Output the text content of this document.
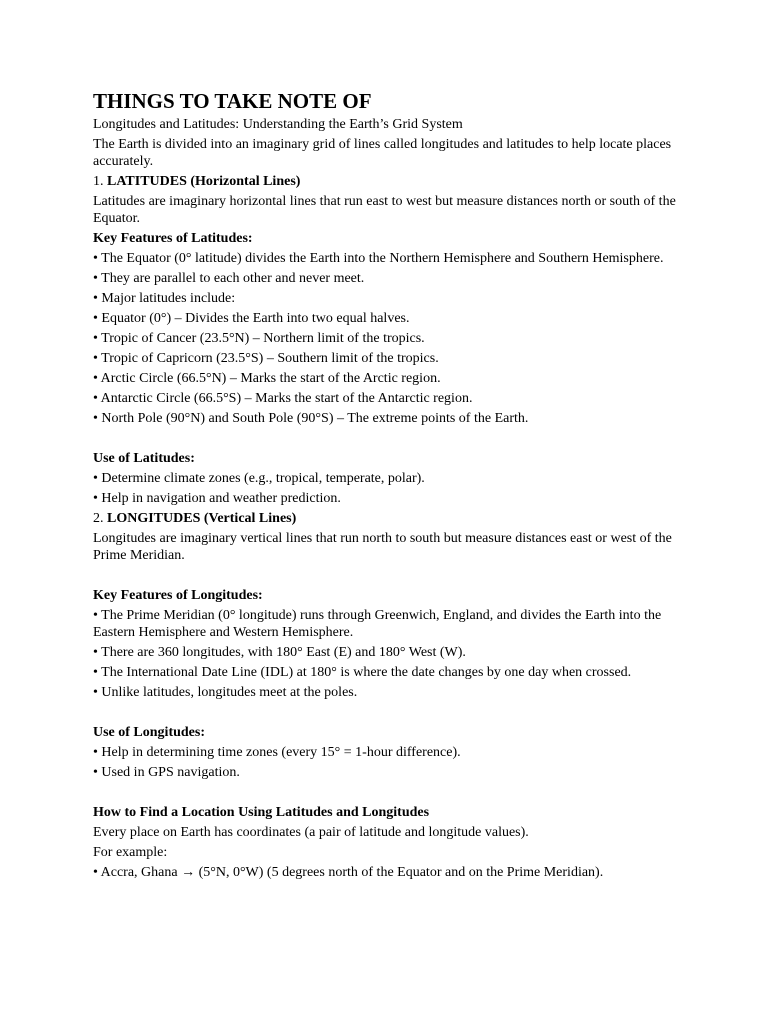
THINGS TO TAKE NOTE OF
Longitudes and Latitudes: Understanding the Earth’s Grid System
The Earth is divided into an imaginary grid of lines called longitudes and latitudes to help locate places accurately.
1. LATITUDES (Horizontal Lines)
Latitudes are imaginary horizontal lines that run east to west but measure distances north or south of the Equator.
Key Features of Latitudes:
• The Equator (0° latitude) divides the Earth into the Northern Hemisphere and Southern Hemisphere.
• They are parallel to each other and never meet.
• Major latitudes include:
• Equator (0°) – Divides the Earth into two equal halves.
• Tropic of Cancer (23.5°N) – Northern limit of the tropics.
• Tropic of Capricorn (23.5°S) – Southern limit of the tropics.
• Arctic Circle (66.5°N) – Marks the start of the Arctic region.
• Antarctic Circle (66.5°S) – Marks the start of the Antarctic region.
• North Pole (90°N) and South Pole (90°S) – The extreme points of the Earth.
Use of Latitudes:
• Determine climate zones (e.g., tropical, temperate, polar).
• Help in navigation and weather prediction.
2. LONGITUDES (Vertical Lines)
Longitudes are imaginary vertical lines that run north to south but measure distances east or west of the Prime Meridian.
Key Features of Longitudes:
• The Prime Meridian (0° longitude) runs through Greenwich, England, and divides the Earth into the Eastern Hemisphere and Western Hemisphere.
• There are 360 longitudes, with 180° East (E) and 180° West (W).
• The International Date Line (IDL) at 180° is where the date changes by one day when crossed.
• Unlike latitudes, longitudes meet at the poles.
Use of Longitudes:
• Help in determining time zones (every 15° = 1-hour difference).
• Used in GPS navigation.
How to Find a Location Using Latitudes and Longitudes
Every place on Earth has coordinates (a pair of latitude and longitude values).
For example:
• Accra, Ghana → (5°N, 0°W) (5 degrees north of the Equator and on the Prime Meridian).
